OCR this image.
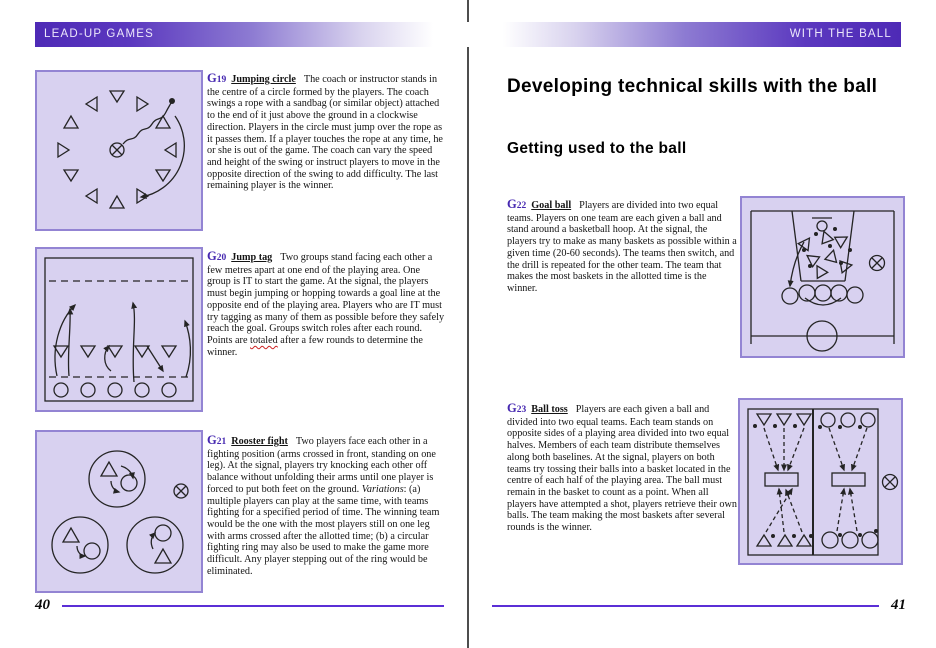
LEAD-UP GAMES	WITH THE BALL

G19 Jumping circle The coach or instructor stands in the centre of a circle formed by the players. The coach swings a rope with a sandbag (or similar object) attached to the end of it just above the ground in a clockwise direction. Players in the circle must jump over the rope as it passes them. If a player touches the rope at any time, he or she is out of the game. The coach can vary the speed and height of the swing or instruct players to move in the opposite direction of the swing to add difficulty. The last remaining player is the winner.

G20 Jump tag Two groups stand facing each other a few metres apart at one end of the playing area. One group is IT to start the game. At the signal, the players must begin jumping or hopping towards a goal line at the opposite end of the playing area. Players who are IT must try tagging as many of them as possible before they safely reach the goal. Groups switch roles after each round. Points are totaled after a few rounds to determine the winner.

G21 Rooster fight Two players face each other in a fighting position (arms crossed in front, standing on one leg). At the signal, players try knocking each other off balance without unfolding their arms until one player is forced to put both feet on the ground. Variations: (a) multiple players can play at the same time, with teams fighting for a specified period of time. The winning team would be the one with the most players still on one leg with arms crossed after the allotted time; (b) a circular fighting ring may also be used to make the game more difficult. Any player stepping out of the ring would be eliminated.

40
Developing technical skills with the ball
Getting used to the ball

G22 Goal ball Players are divided into two equal teams. Players on one team are each given a ball and stand around a basketball hoop. At the signal, the players try to make as many baskets as possible within a given time (20-60 seconds). The teams then switch, and the drill is repeated for the other team. The team that makes the most baskets in the allotted time is the winner.

G23 Ball toss Players are each given a ball and divided into two equal teams. Each team stands on opposite sides of a playing area divided into two equal halves. Members of each team distribute themselves along both baselines. At the signal, players on both teams try tossing their balls into a basket located in the centre of each half of the playing area. The ball must remain in the basket to count as a point. When all players have attempted a shot, players retrieve their own balls. The team making the most baskets after several rounds is the winner.

41
